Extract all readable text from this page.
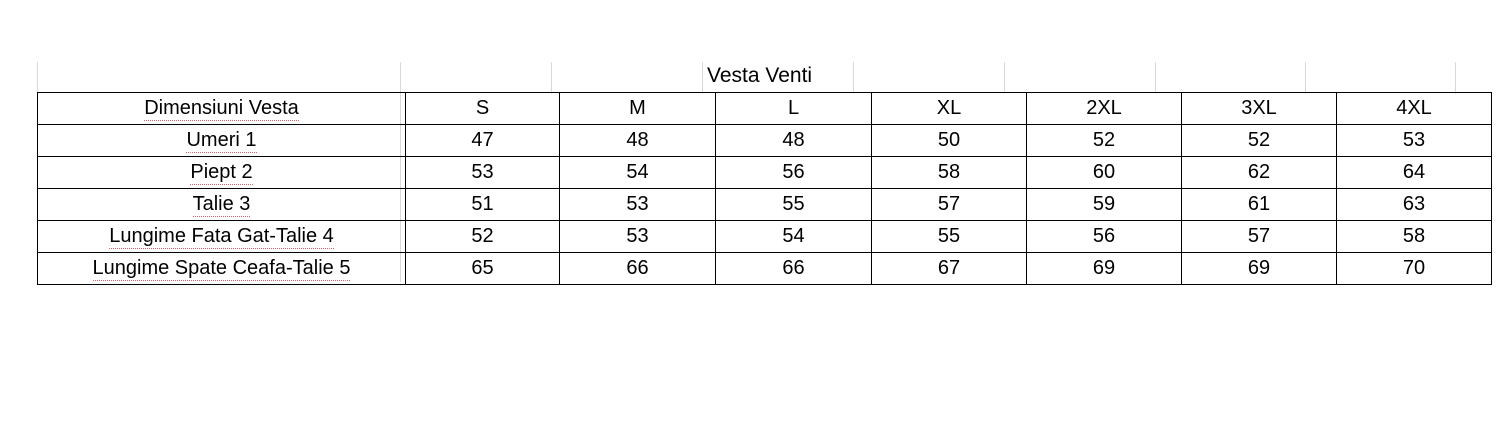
Vesta Venti
Dimensiuni Vesta	S	M	L	XL	2XL	3XL	4XL
Umeri 1	47	48	48	50	52	52	53
Piept 2	53	54	56	58	60	62	64
Talie 3	51	53	55	57	59	61	63
Lungime Fata Gat-Talie 4	52	53	54	55	56	57	58
Lungime Spate Ceafa-Talie 5	65	66	66	67	69	69	70
